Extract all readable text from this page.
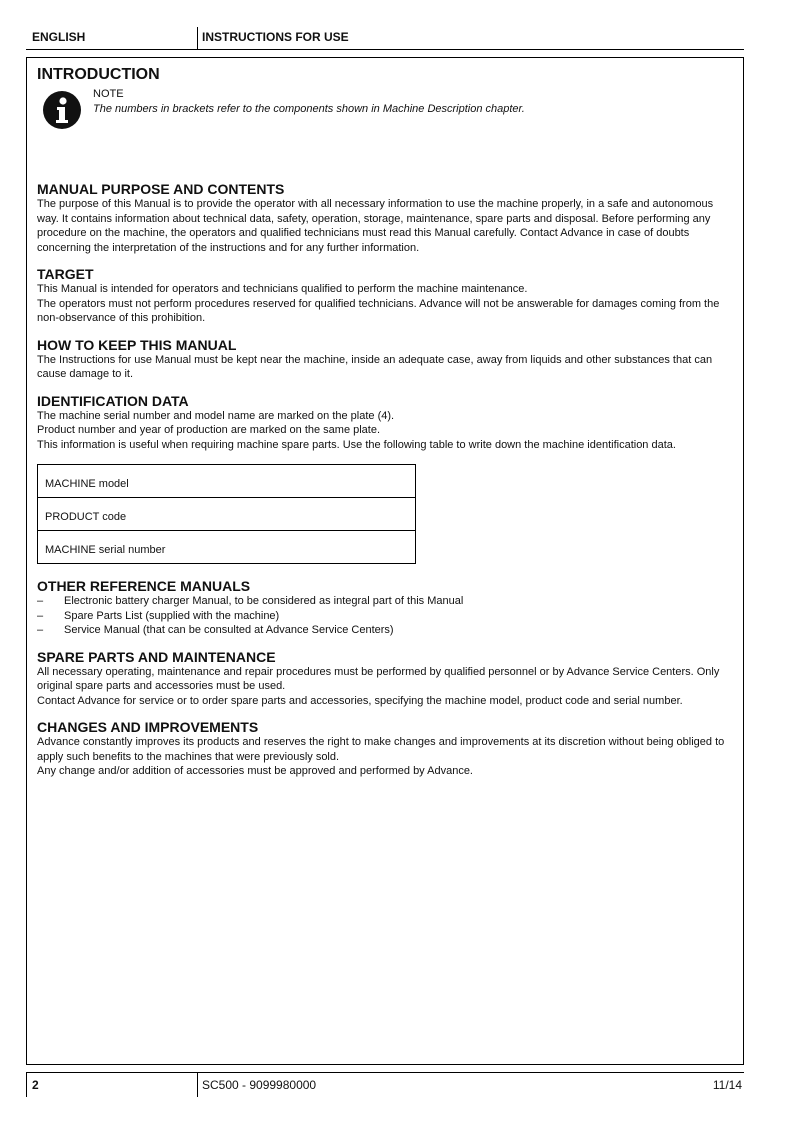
ENGLISH	INSTRUCTIONS FOR USE
INTRODUCTION
NOTE
The numbers in brackets refer to the components shown in Machine Description chapter.
MANUAL PURPOSE AND CONTENTS

The purpose of this Manual is to provide the operator with all necessary information to use the machine properly, in a safe and autonomous way. It contains information about technical data, safety, operation, storage, maintenance, spare parts and disposal. Before performing any procedure on the machine, the operators and qualified technicians must read this Manual carefully. Contact Advance in case of doubts concerning the interpretation of the instructions and for any further information.

TARGET

This Manual is intended for operators and technicians qualified to perform the machine maintenance.

The operators must not perform procedures reserved for qualified technicians. Advance will not be answerable for damages coming from the non-observance of this prohibition.

HOW TO KEEP THIS MANUAL

The Instructions for use Manual must be kept near the machine, inside an adequate case, away from liquids and other substances that can cause damage to it.

IDENTIFICATION DATA

The machine serial number and model name are marked on the plate (4).

Product number and year of production are marked on the same plate.

This information is useful when requiring machine spare parts. Use the following table to write down the machine identification data.

MACHINE model
PRODUCT code
MACHINE serial number
OTHER REFERENCE MANUALS
– Electronic battery charger Manual, to be considered as integral part of this Manual
– Spare Parts List (supplied with the machine)
– Service Manual (that can be consulted at Advance Service Centers)
SPARE PARTS AND MAINTENANCE

All necessary operating, maintenance and repair procedures must be performed by qualified personnel or by Advance Service Centers. Only original spare parts and accessories must be used.

Contact Advance for service or to order spare parts and accessories, specifying the machine model, product code and serial number.

CHANGES AND IMPROVEMENTS

Advance constantly improves its products and reserves the right to make changes and improvements at its discretion without being obliged to apply such benefits to the machines that were previously sold.

Any change and/or addition of accessories must be approved and performed by Advance.

2	SC500 - 9099980000	11/14
